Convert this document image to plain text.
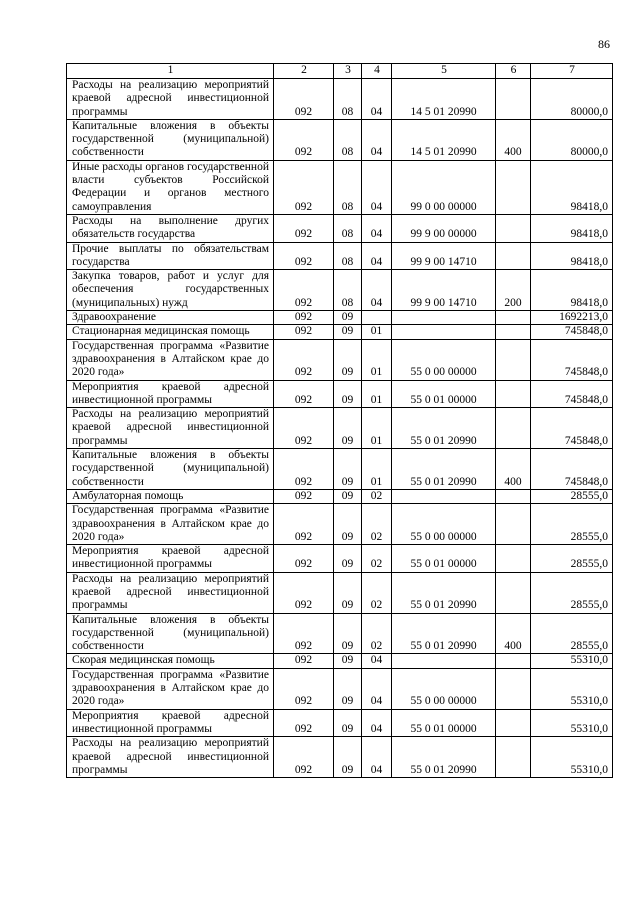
86
1	2	3	4	5	6	7
Расходы на реализацию мероприятий краевой адресной инвестиционной программы	092	08	04	14 5 01 20990		80000,0
Капитальные вложения в объекты государственной (муниципальной) собственности	092	08	04	14 5 01 20990	400	80000,0
Иные расходы органов государственной власти субъектов Российской Федерации и органов местного самоуправления	092	08	04	99 0 00 00000		98418,0
Расходы на выполнение других обязательств государства	092	08	04	99 9 00 00000		98418,0
Прочие выплаты по обязательствам государства	092	08	04	99 9 00 14710		98418,0
Закупка товаров, работ и услуг для обеспечения государственных (муниципальных) нужд	092	08	04	99 9 00 14710	200	98418,0
Здравоохранение	092	09				1692213,0
Стационарная медицинская помощь	092	09	01			745848,0
Государственная программа «Развитие здравоохранения в Алтайском крае до 2020 года»	092	09	01	55 0 00 00000		745848,0
Мероприятия краевой адресной инвестиционной программы	092	09	01	55 0 01 00000		745848,0
Расходы на реализацию мероприятий краевой адресной инвестиционной программы	092	09	01	55 0 01 20990		745848,0
Капитальные вложения в объекты государственной (муниципальной) собственности	092	09	01	55 0 01 20990	400	745848,0
Амбулаторная помощь	092	09	02			28555,0
Государственная программа «Развитие здравоохранения в Алтайском крае до 2020 года»	092	09	02	55 0 00 00000		28555,0
Мероприятия краевой адресной инвестиционной программы	092	09	02	55 0 01 00000		28555,0
Расходы на реализацию мероприятий краевой адресной инвестиционной программы	092	09	02	55 0 01 20990		28555,0
Капитальные вложения в объекты государственной (муниципальной) собственности	092	09	02	55 0 01 20990	400	28555,0
Скорая медицинская помощь	092	09	04			55310,0
Государственная программа «Развитие здравоохранения в Алтайском крае до 2020 года»	092	09	04	55 0 00 00000		55310,0
Мероприятия краевой адресной инвестиционной программы	092	09	04	55 0 01 00000		55310,0
Расходы на реализацию мероприятий краевой адресной инвестиционной программы	092	09	04	55 0 01 20990		55310,0
